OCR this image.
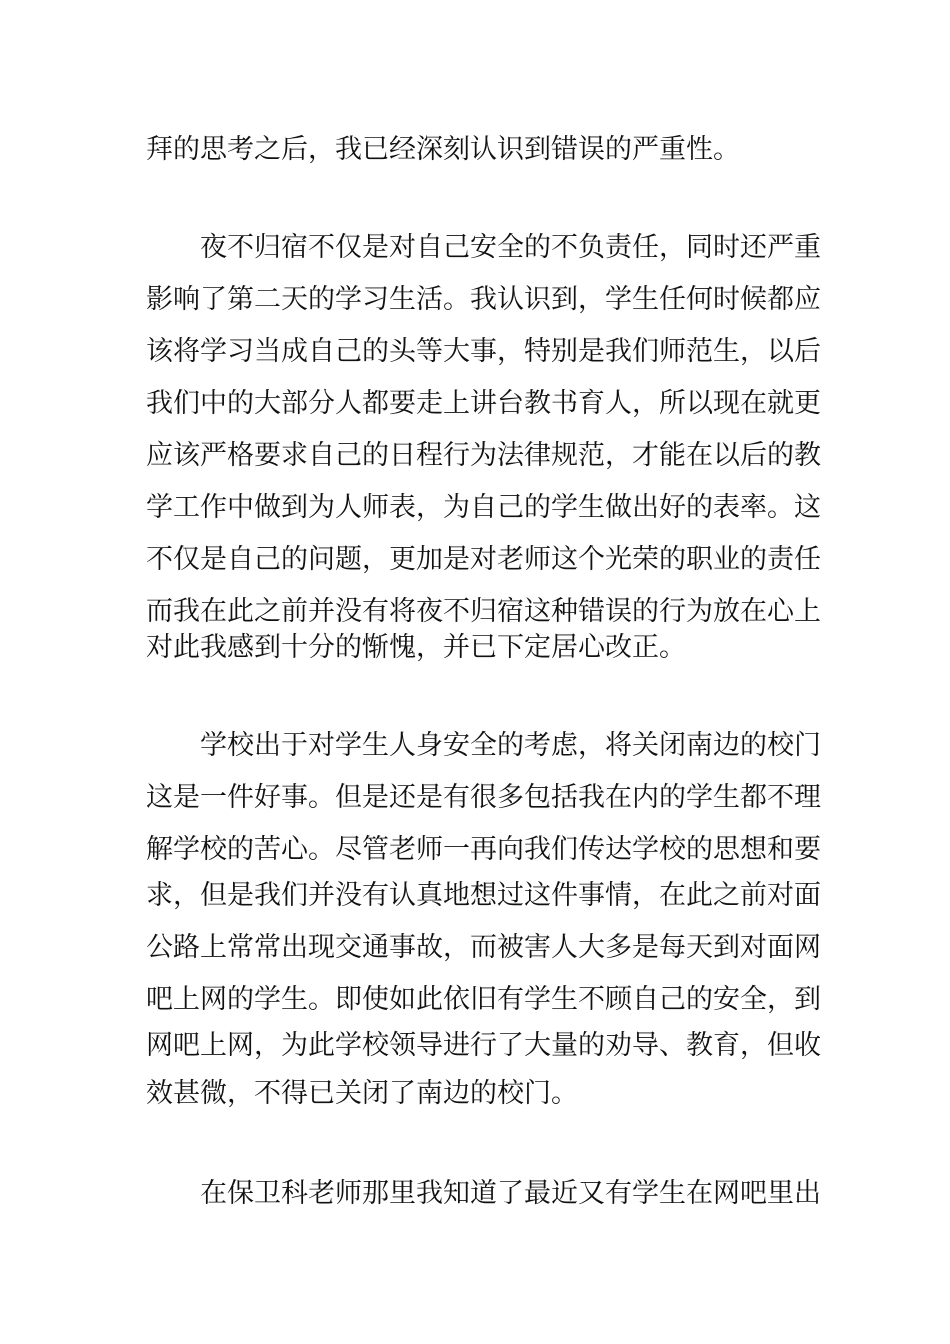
拜的思考之后，我已经深刻认识到错误的严重性。

夜不归宿不仅是对自己安全的不负责任，同时还严重

影响了第二天的学习生活。我认识到，学生任何时候都应

该将学习当成自己的头等大事，特别是我们师范生，以后

我们中的大部分人都要走上讲台教书育人，所以现在就更

应该严格要求自己的日程行为法律规范，才能在以后的教

学工作中做到为人师表，为自己的学生做出好的表率。这

不仅是自己的问题，更加是对老师这个光荣的职业的责任

而我在此之前并没有将夜不归宿这种错误的行为放在心上

对此我感到十分的惭愧，并已下定居心改正。

学校出于对学生人身安全的考虑，将关闭南边的校门

这是一件好事。但是还是有很多包括我在内的学生都不理

解学校的苦心。尽管老师一再向我们传达学校的思想和要

求，但是我们并没有认真地想过这件事情，在此之前对面

公路上常常出现交通事故，而被害人大多是每天到对面网

吧上网的学生。即使如此依旧有学生不顾自己的安全，到

网吧上网，为此学校领导进行了大量的劝导、教育，但收

效甚微，不得已关闭了南边的校门。

在保卫科老师那里我知道了最近又有学生在网吧里出
